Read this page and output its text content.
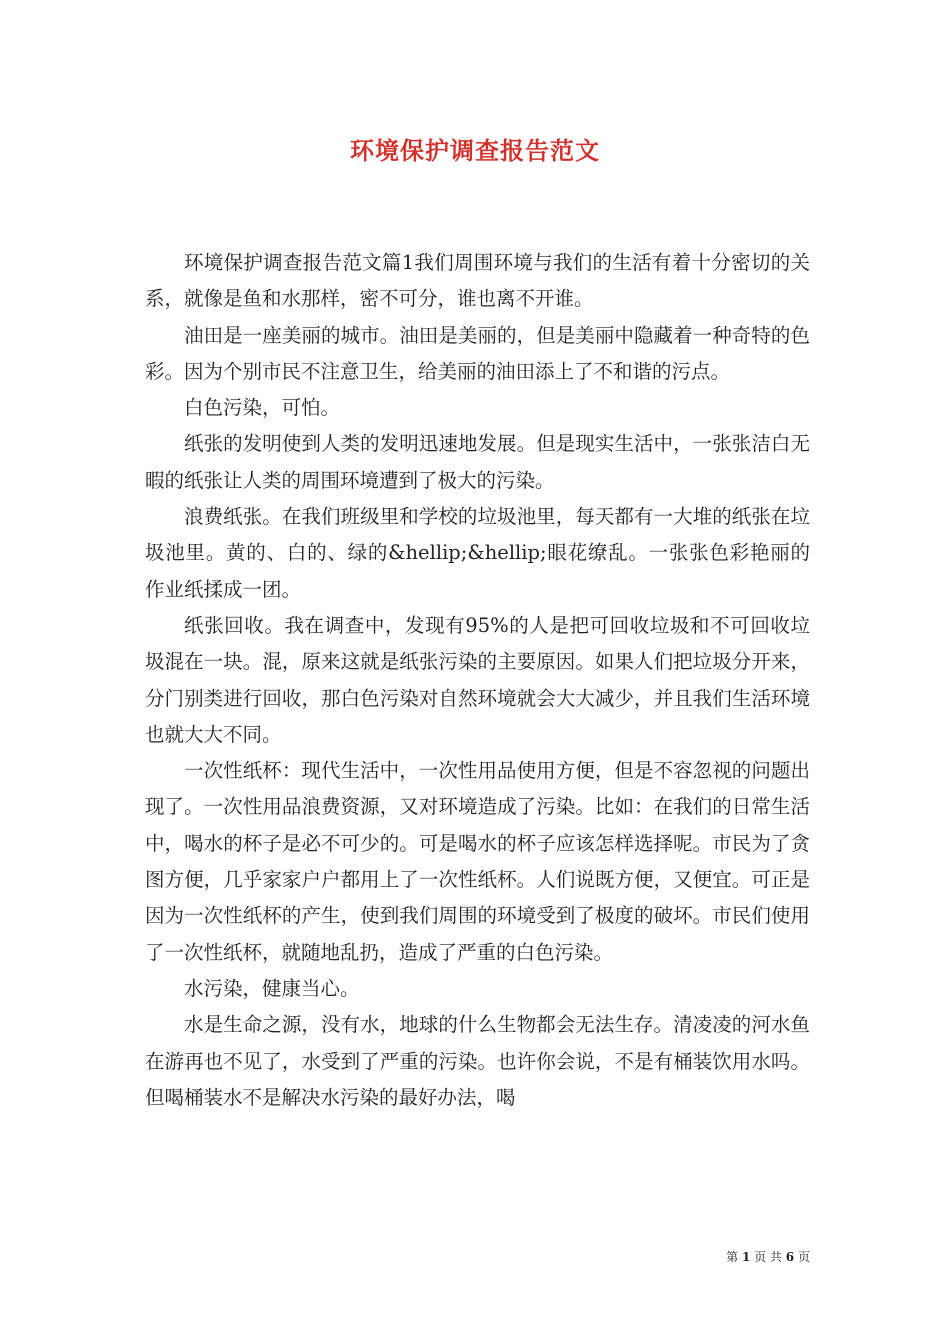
环境保护调查报告范文

环境保护调查报告范文篇1我们周围环境与我们的生活有着十分密切的关系，就像是鱼和水那样，密不可分，谁也离不开谁。

油田是一座美丽的城市。油田是美丽的，但是美丽中隐藏着一种奇特的色彩。因为个别市民不注意卫生，给美丽的油田添上了不和谐的污点。

白色污染，可怕。

纸张的发明使到人类的发明迅速地发展。但是现实生活中，一张张洁白无暇的纸张让人类的周围环境遭到了极大的污染。

浪费纸张。在我们班级里和学校的垃圾池里，每天都有一大堆的纸张在垃圾池里。黄的、白的、绿的&hellip;&hellip;眼花缭乱。一张张色彩艳丽的作业纸揉成一团。

纸张回收。我在调查中，发现有95%的人是把可回收垃圾和不可回收垃圾混在一块。混，原来这就是纸张污染的主要原因。如果人们把垃圾分开来，分门别类进行回收，那白色污染对自然环境就会大大减少，并且我们生活环境也就大大不同。

一次性纸杯：现代生活中，一次性用品使用方便，但是不容忽视的问题出现了。一次性用品浪费资源，又对环境造成了污染。比如：在我们的日常生活中，喝水的杯子是必不可少的。可是喝水的杯子应该怎样选择呢。市民为了贪图方便，几乎家家户户都用上了一次性纸杯。人们说既方便，又便宜。可正是因为一次性纸杯的产生，使到我们周围的环境受到了极度的破坏。市民们使用了一次性纸杯，就随地乱扔，造成了严重的白色污染。

水污染，健康当心。

水是生命之源，没有水，地球的什么生物都会无法生存。清凌凌的河水鱼在游再也不见了，水受到了严重的污染。也许你会说，不是有桶装饮用水吗。但喝桶装水不是解决水污染的最好办法，喝

第 1 页 共 6 页
